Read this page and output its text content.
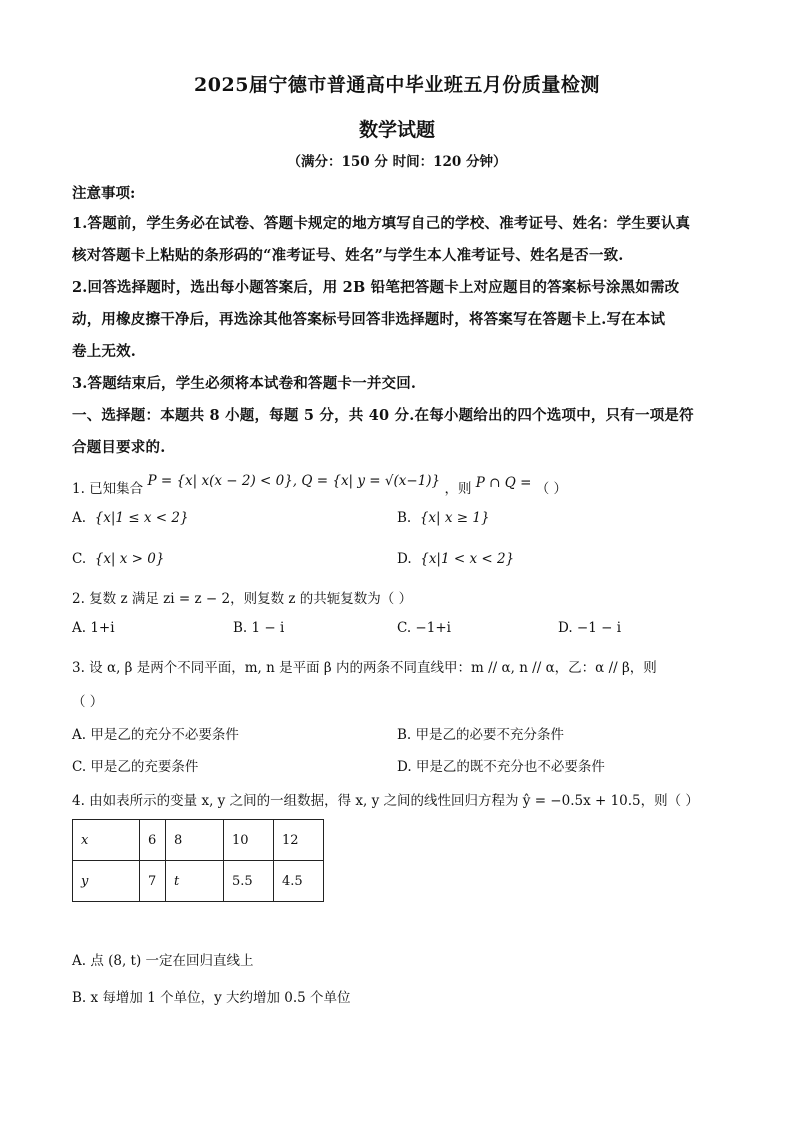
2025届宁德市普通高中毕业班五月份质量检测
数学试题
（满分：150 分 时间：120 分钟）
注意事项:
1.答题前，学生务必在试卷、答题卡规定的地方填写自己的学校、准考证号、姓名：学生要认真
核对答题卡上粘贴的条形码的“准考证号、姓名”与学生本人准考证号、姓名是否一致.
2.回答选择题时，选出每小题答案后，用 2B 铅笔把答题卡上对应题目的答案标号涂黑如需改
动，用橡皮擦干净后，再选涂其他答案标号回答非选择题时，将答案写在答题卡上.写在本试
卷上无效.
3.答题结束后，学生必须将本试卷和答题卡一并交回.
一、选择题：本题共 8 小题，每题 5 分，共 40 分.在每小题给出的四个选项中，只有一项是符
合题目要求的.
1. 已知集合 P = {x| x(x − 2) < 0}, Q = {x| y = √(x−1)} ，则 P ∩ Q = （ ）
A. {x|1 ≤ x < 2}	B. {x| x ≥ 1}
C. {x| x > 0}	D. {x|1 < x < 2}
2. 复数 z 满足 zi = z − 2，则复数 z 的共轭复数为（ ）
A. 1+i	B. 1 − i	C. −1+i	D. −1 − i
3. 设 α, β 是两个不同平面，m, n 是平面 β 内的两条不同直线甲：m // α, n // α，乙：α // β，则
（ ）
A. 甲是乙的充分不必要条件	B. 甲是乙的必要不充分条件
C. 甲是乙的充要条件	D. 甲是乙的既不充分也不必要条件
4. 由如表所示的变量 x, y 之间的一组数据，得 x, y 之间的线性回归方程为 ŷ = −0.5x + 10.5，则（ ）
x	6	8	10	12
y	7	t	5.5	4.5
A. 点 (8, t) 一定在回归直线上
B. x 每增加 1 个单位，y 大约增加 0.5 个单位
